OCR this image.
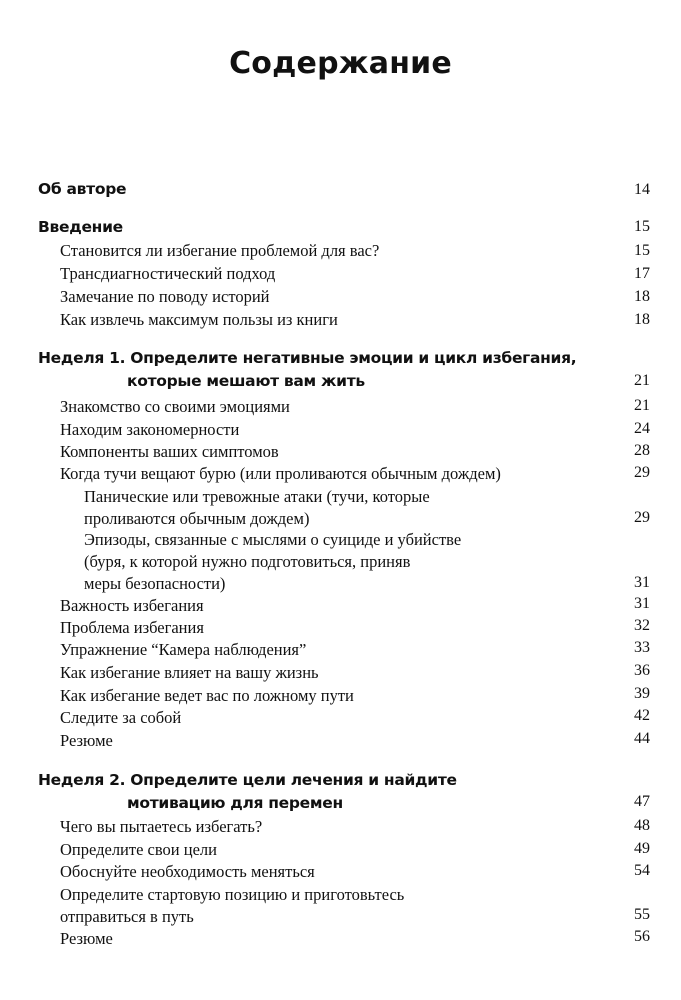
Содержание
Об авторе	14
Введение	15
Становится ли избегание проблемой для вас?	15
Трансдиагностический подход	17
Замечание по поводу историй	18
Как извлечь максимум пользы из книги	18
Неделя 1. Определите негативные эмоции и цикл избегания,
которые мешают вам жить	21
Знакомство со своими эмоциями	21
Находим закономерности	24
Компоненты ваших симптомов	28
Когда тучи вещают бурю (или проливаются обычным дождем)	29
Панические или тревожные атаки (тучи, которые
проливаются обычным дождем)	29
Эпизоды, связанные с мыслями о суициде и убийстве
(буря, к которой нужно подготовиться, приняв
меры безопасности)	31
Важность избегания	31
Проблема избегания	32
Упражнение “Камера наблюдения”	33
Как избегание влияет на вашу жизнь	36
Как избегание ведет вас по ложному пути	39
Следите за собой	42
Резюме	44
Неделя 2. Определите цели лечения и найдите
мотивацию для перемен	47
Чего вы пытаетесь избегать?	48
Определите свои цели	49
Обоснуйте необходимость меняться	54
Определите стартовую позицию и приготовьтесь
отправиться в путь	55
Резюме	56
